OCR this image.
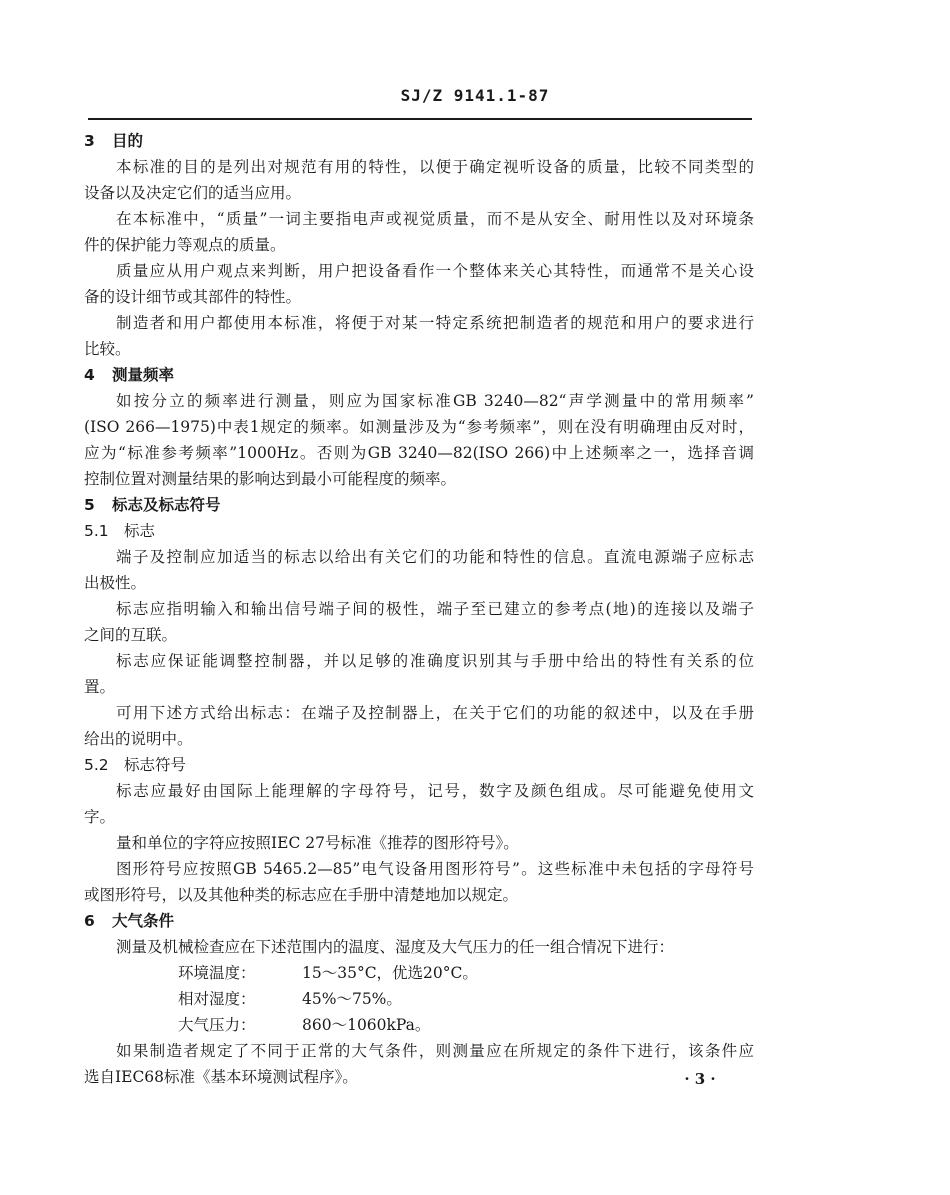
SJ/Z 9141.1-87
3 目的
本标准的目的是列出对规范有用的特性，以便于确定视听设备的质量，比较不同类型的
设备以及决定它们的适当应用。
在本标准中，“质量”一词主要指电声或视觉质量，而不是从安全、耐用性以及对环境条
件的保护能力等观点的质量。
质量应从用户观点来判断，用户把设备看作一个整体来关心其特性，而通常不是关心设
备的设计细节或其部件的特性。
制造者和用户都使用本标准，将便于对某一特定系统把制造者的规范和用户的要求进行
比较。
4 测量频率
如按分立的频率进行测量，则应为国家标准GB 3240—82“声学测量中的常用频率”
(ISO 266—1975)中表1规定的频率。如测量涉及为“参考频率”，则在没有明确理由反对时，
应为“标准参考频率”1000Hz。否则为GB 3240—82(ISO 266)中上述频率之一，选择音调
控制位置对测量结果的影响达到最小可能程度的频率。
5 标志及标志符号
5.1 标志
端子及控制应加适当的标志以给出有关它们的功能和特性的信息。直流电源端子应标志
出极性。
标志应指明输入和输出信号端子间的极性，端子至已建立的参考点(地)的连接以及端子
之间的互联。
标志应保证能调整控制器，并以足够的准确度识别其与手册中给出的特性有关系的位
置。
可用下述方式给出标志：在端子及控制器上，在关于它们的功能的叙述中，以及在手册
给出的说明中。
5.2 标志符号
标志应最好由国际上能理解的字母符号，记号，数字及颜色组成。尽可能避免使用文
字。
量和单位的字符应按照IEC 27号标准《推荐的图形符号》。
图形符号应按照GB 5465.2—85”电气设备用图形符号”。这些标准中未包括的字母符号
或图形符号，以及其他种类的标志应在手册中清楚地加以规定。
6 大气条件
测量及机械检查应在下述范围内的温度、湿度及大气压力的任一组合情况下进行：
环境温度：	15～35°C，优选20°C。
相对湿度：	45%～75%。
大气压力：	860～1060kPa。
如果制造者规定了不同于正常的大气条件，则测量应在所规定的条件下进行，该条件应
选自IEC68标准《基本环境测试程序》。	· 3 ·
